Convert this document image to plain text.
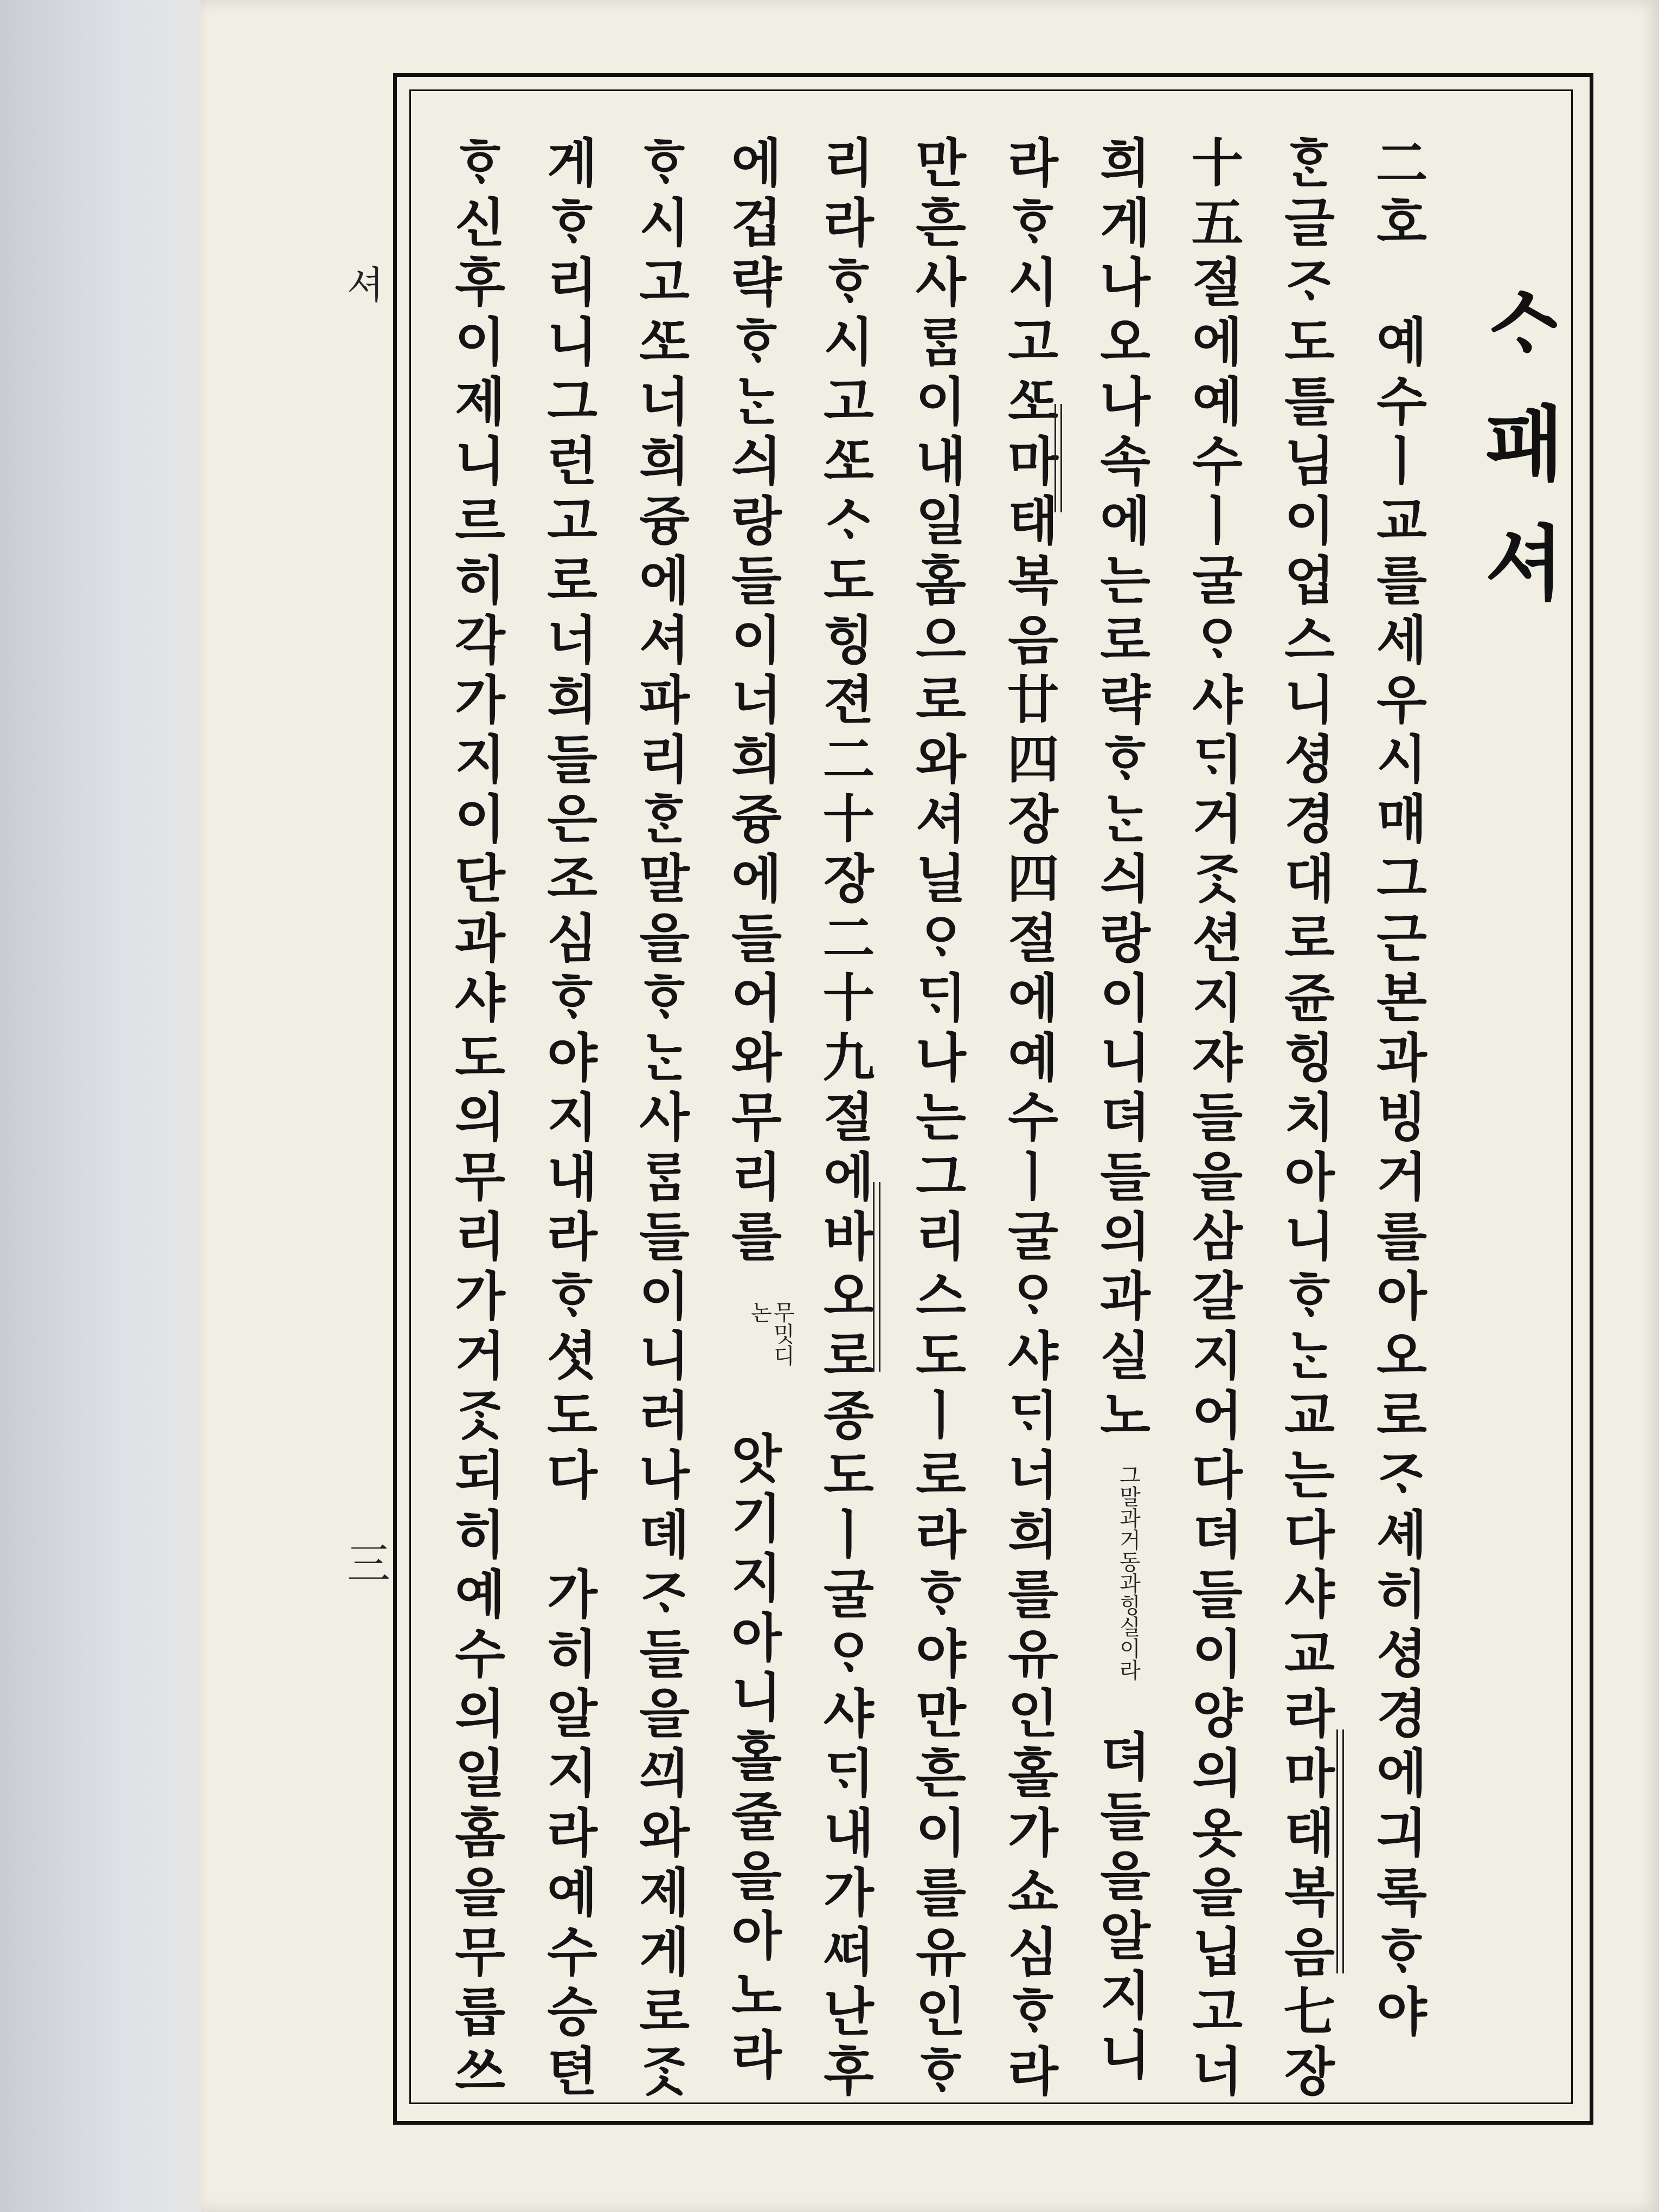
셔
三
ᄉᆞ패셔
二호　예수ㅣ교를세우시매그근본과빙거를아오로ᄌᆞ셰히셩경에긔록ᄒᆞ야
ᄒᆞᆫ글ᄌᆞ도틀님이업스니셩경대로쥰힝치아니ᄒᆞᄂᆞᆫ교는다샤교라마태복음七장
十五절에예수ㅣ굴ᄋᆞ샤ᄃᆡ거ᄌᆞᆺ션지쟈들을삼갈지어다뎌들이양의옷을닙고너
희게나오나속에는로략ᄒᆞᄂᆞᆫ싀랑이니뎌들의과실노
그말과거동과힝실이라
뎌들을알지니
라ᄒᆞ시고ᄯᅩ마태복음廿四장四절에예수ㅣ굴ᄋᆞ샤ᄃᆡ너희를유인홀가쇼심ᄒᆞ라
만흔사ᄅᆞᆷ이내일홈으로와셔닐ᄋᆞᄃᆡ나는그리스도ㅣ로라ᄒᆞ야만흔이를유인ᄒᆞ
리라ᄒᆞ시고ᄯᅩᄉᆞ도힝젼二十장二十九절에바오로종도ㅣ굴ᄋᆞ샤ᄃᆡ내가ᄯᅥ난후
에겁략ᄒᆞᄂᆞᆫ싀랑들이너희즁에들어와무리를
무밋디논
앗기지아니홀줄을아노라
ᄒᆞ시고ᄯᅩ너희즁에셔파리ᄒᆞᆫ말을ᄒᆞᄂᆞᆫ사ᄅᆞᆷ들이니러나뎨ᄌᆞ들을ᄭᅴ와제게로ᄌᆞᆺ
게ᄒᆞ리니그런고로너희들은조심ᄒᆞ야지내라ᄒᆞ셧도다
가히알지라예수승텬
ᄒᆞ신후이제니르히각가지이단과샤도의무리가거ᄌᆞᆺ되히예수의일홈을무릅쓰
